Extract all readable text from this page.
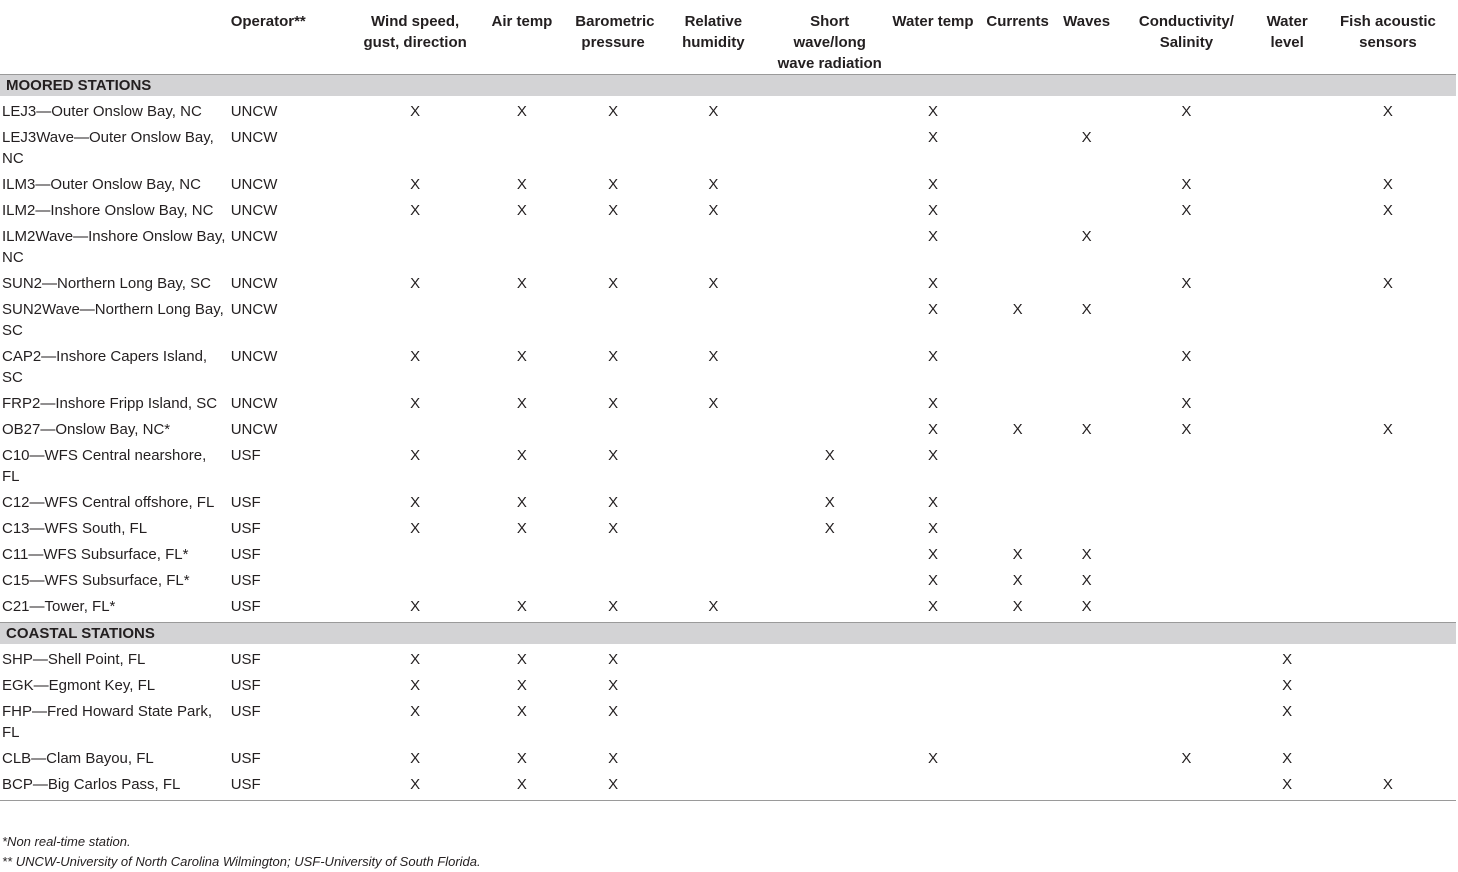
	Operator**	Wind speed, gust, direction	Air temp	Barometric pressure	Relative humidity	Short wave/long wave radiation	Water temp	Currents	Waves	Conductivity/ Salinity	Water level	Fish acoustic sensors
MOORED STATIONS												

LEJ3—Outer Onslow Bay, NC	UNCW	X	X	X	X		X			X		X
LEJ3Wave—Outer Onslow Bay, NC	UNCW						X		X			
ILM3—Outer Onslow Bay, NC	UNCW	X	X	X	X		X			X		X
ILM2—Inshore Onslow Bay, NC	UNCW	X	X	X	X		X			X		X
ILM2Wave—Inshore Onslow Bay, NC	UNCW						X		X			
SUN2—Northern Long Bay, SC	UNCW	X	X	X	X		X			X		X
SUN2Wave—Northern Long Bay, SC	UNCW						X	X	X			
CAP2—Inshore Capers Island, SC	UNCW	X	X	X	X		X			X		
FRP2—Inshore Fripp Island, SC	UNCW	X	X	X	X		X			X		
OB27—Onslow Bay, NC*	UNCW						X	X	X	X		X
C10—WFS Central nearshore, FL	USF	X	X	X		X	X					
C12—WFS Central offshore, FL	USF	X	X	X		X	X					
C13—WFS South, FL	USF	X	X	X		X	X					
C11—WFS Subsurface, FL*	USF						X	X	X			
C15—WFS Subsurface, FL*	USF						X	X	X			
C21—Tower, FL*	USF	X	X	X	X		X	X	X			
COASTAL STATIONS												

SHP—Shell Point, FL	USF	X	X	X							X	
EGK—Egmont Key, FL	USF	X	X	X							X	
FHP—Fred Howard State Park, FL	USF	X	X	X							X	
CLB—Clam Bayou, FL	USF	X	X	X			X			X	X	
BCP—Big Carlos Pass, FL	USF	X	X	X							X	X
*Non real-time station.
** UNCW-University of North Carolina Wilmington; USF-University of South Florida.
